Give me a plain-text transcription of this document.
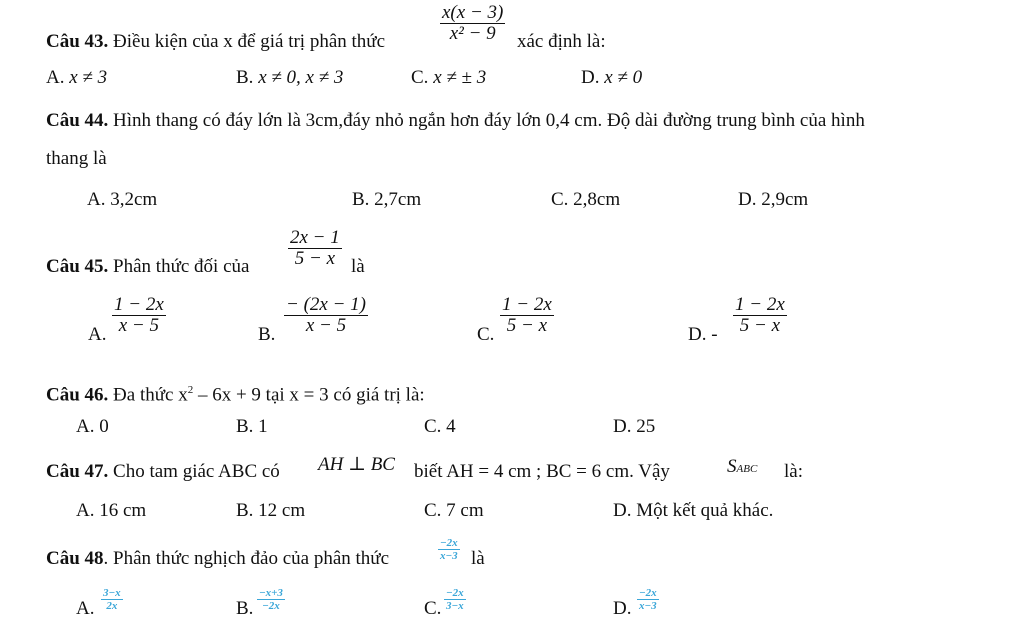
Câu 43. Điều kiện của x để giá trị phân thức	$\frac{x(x - 3)}{\text{x² − 9}}$ xác định là:
A. x ≠ 3	B. x ≠ 0, x ≠ 3	C. x ≠ ± 3	D. x ≠ 0
Câu 44. Hình thang có đáy lớn là 3cm,đáy nhỏ ngắn hơn đáy lớn 0,4 cm. Độ dài đường trung bình của hình
thang là
A. 3,2cm	B. 2,7cm	C. 2,8cm	D. 2,9cm
Câu 45. Phân thức đối của $\frac{2x - 1}{5 - x}$ là
A. $\frac{1 - 2x}{x - 5}$	B. $\frac{- (2x - 1)}{x - 5}$	C. $\frac{1 - 2x}{5 - x}$	D. - $\frac{1 - 2x}{5 - x}$
Câu 46. Đa thức $x^2 - 6x + 9$ tại x = 3 có giá trị là:
A. 0	B. 1	C. 4	D. 25
Câu 47. Cho tam giác ABC có AH ⊥ BC biết AH = 4 cm ; BC = 6 cm. Vậy	SABC là:
A. 16 cm	B. 12 cm	C. 7 cm	D. Một kết quả khác.
Câu 48. Phân thức nghịch đảo của phân thức	$\frac{-2x}{x-3}$ là
A. $\frac{3-x}{2x}$	B. $\frac{-x+3}{-2x}$	C. $\frac{-2x}{3-x}$	D. $\frac{-2x}{x-3}$
